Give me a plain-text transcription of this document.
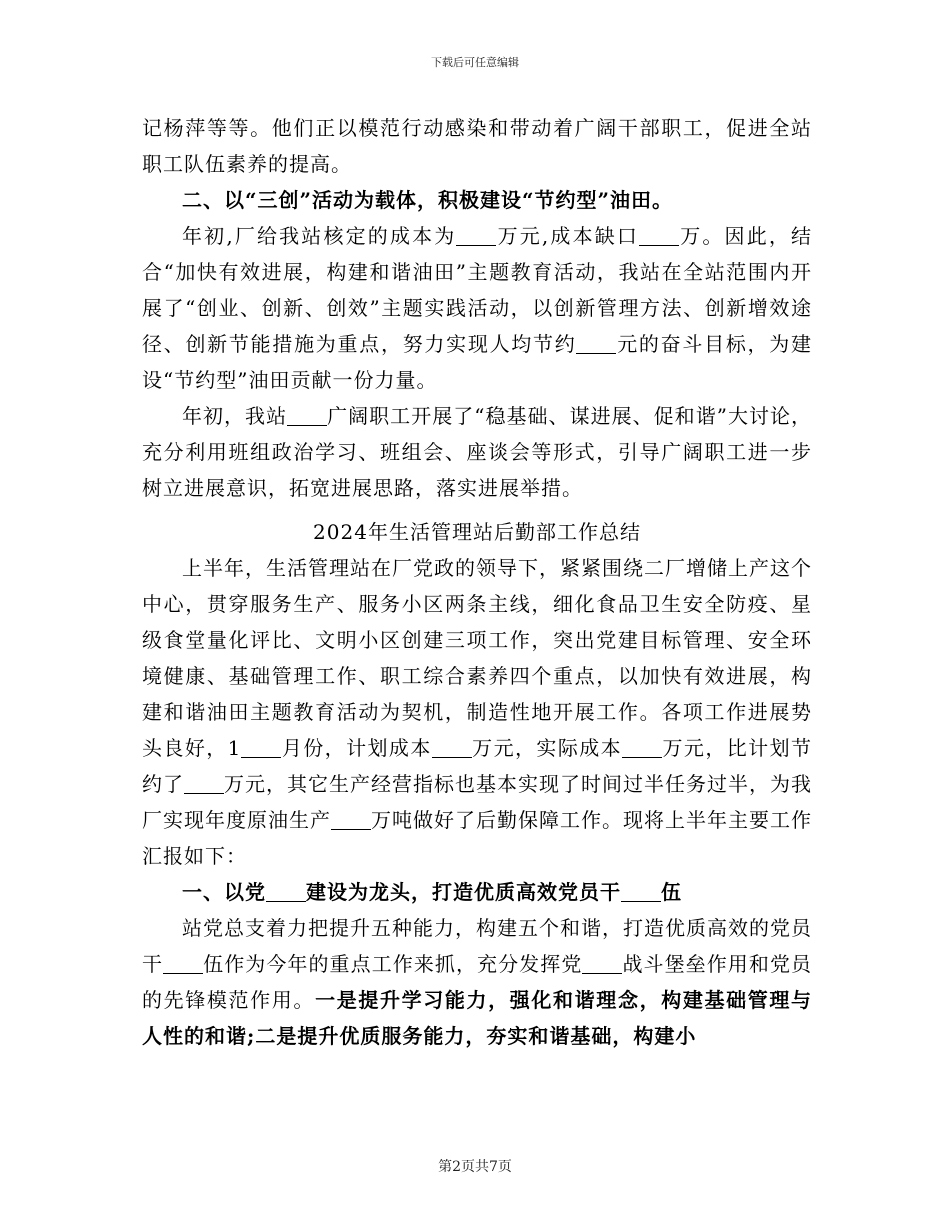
下载后可任意编辑

记杨萍等等。他们正以模范行动感染和带动着广阔干部职工，促进全站职工队伍素养的提高。

二、以“三创”活动为载体，积极建设“节约型”油田。

年初,厂给我站核定的成本为 万元,成本缺口 万。因此，结合“加快有效进展，构建和谐油田”主题教育活动，我站在全站范围内开展了“创业、创新、创效”主题实践活动，以创新管理方法、创新增效途径、创新节能措施为重点，努力实现人均节约 元的奋斗目标，为建设“节约型”油田贡献一份力量。

年初，我站 广阔职工开展了“稳基础、谋进展、促和谐”大讨论，充分利用班组政治学习、班组会、座谈会等形式，引导广阔职工进一步树立进展意识，拓宽进展思路，落实进展举措。

2024年生活管理站后勤部工作总结

上半年，生活管理站在厂党政的领导下，紧紧围绕二厂增储上产这个中心，贯穿服务生产、服务小区两条主线，细化食品卫生安全防疫、星级食堂量化评比、文明小区创建三项工作，突出党建目标管理、安全环境健康、基础管理工作、职工综合素养四个重点，以加快有效进展，构建和谐油田主题教育活动为契机，制造性地开展工作。各项工作进展势头良好，1 月份，计划成本 万元，实际成本 万元，比计划节约了 万元，其它生产经营指标也基本实现了时间过半任务过半，为我厂实现年度原油生产 万吨做好了后勤保障工作。现将上半年主要工作汇报如下：

一、以党 建设为龙头，打造优质高效党员干 伍

站党总支着力把提升五种能力，构建五个和谐，打造优质高效的党员干 伍作为今年的重点工作来抓，充分发挥党 战斗堡垒作用和党员的先锋模范作用。一是提升学习能力，强化和谐理念，构建基础管理与人性的和谐;二是提升优质服务能力，夯实和谐基础，构建小

第2页共7页
